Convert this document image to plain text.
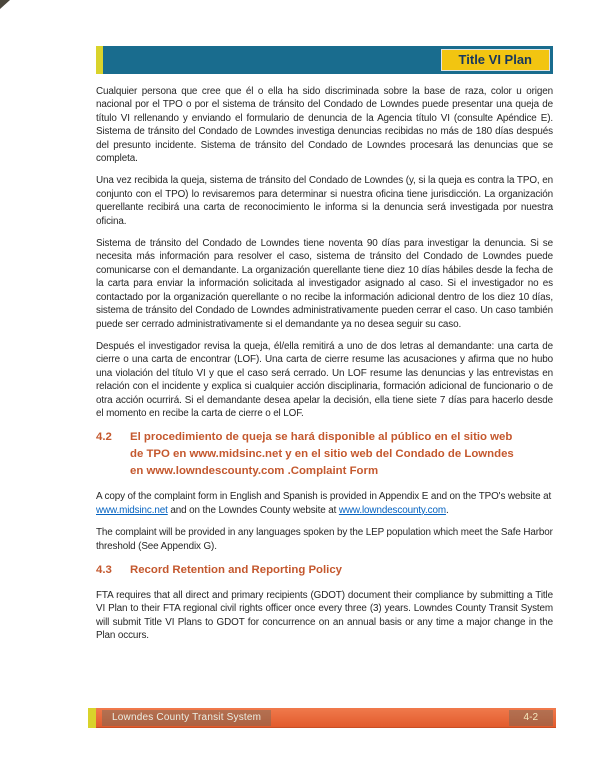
Title VI Plan

Cualquier persona que cree que él o ella ha sido discriminada sobre la base de raza, color u origen nacional por el TPO o por el sistema de tránsito del Condado de Lowndes puede presentar una queja de título VI rellenando y enviando el formulario de denuncia de la Agencia título VI (consulte Apéndice E). Sistema de tránsito del Condado de Lowndes investiga denuncias recibidas no más de 180 días después del presunto incidente. Sistema de tránsito del Condado de Lowndes procesará las denuncias que se completa.

Una vez recibida la queja, sistema de tránsito del Condado de Lowndes (y, si la queja es contra la TPO, en conjunto con el TPO) lo revisaremos para determinar si nuestra oficina tiene jurisdicción. La organización querellante recibirá una carta de reconocimiento le informa si la denuncia será investigada por nuestra oficina.

Sistema de tránsito del Condado de Lowndes tiene noventa 90 días para investigar la denuncia. Si se necesita más información para resolver el caso, sistema de tránsito del Condado de Lowndes puede comunicarse con el demandante. La organización querellante tiene diez 10 días hábiles desde la fecha de la carta para enviar la información solicitada al investigador asignado al caso. Si el investigador no es contactado por la organización querellante o no recibe la información adicional dentro de los diez 10 días, sistema de tránsito del Condado de Lowndes administrativamente pueden cerrar el caso. Un caso también puede ser cerrado administrativamente si el demandante ya no desea seguir su caso.

Después el investigador revisa la queja, él/ella remitirá a uno de dos letras al demandante: una carta de cierre o una carta de encontrar (LOF). Una carta de cierre resume las acusaciones y afirma que no hubo una violación del título VI y que el caso será cerrado. Un LOF resume las denuncias y las entrevistas en relación con el incidente y explica si cualquier acción disciplinaria, formación adicional de funcionario o de otra acción ocurrirá. Si el demandante desea apelar la decisión, ella tiene siete 7 días para hacerlo desde el momento en recibe la carta de cierre o el LOF.

4.2	El procedimiento de queja se hará disponible al público en el sitio web de TPO en www.midsinc.net y en el sitio web del Condado de Lowndes en www.lowndescounty.com .Complaint Form

A copy of the complaint form in English and Spanish is provided in Appendix E and on the TPO's website at www.midsinc.net and on the Lowndes County website at www.lowndescounty.com.

The complaint will be provided in any languages spoken by the LEP population which meet the Safe Harbor threshold (See Appendix G).

4.3	Record Retention and Reporting Policy

FTA requires that all direct and primary recipients (GDOT) document their compliance by submitting a Title VI Plan to their FTA regional civil rights officer once every three (3) years. Lowndes County Transit System will submit Title VI Plans to GDOT for concurrence on an annual basis or any time a major change in the Plan occurs.

Lowndes County Transit System	4-2
